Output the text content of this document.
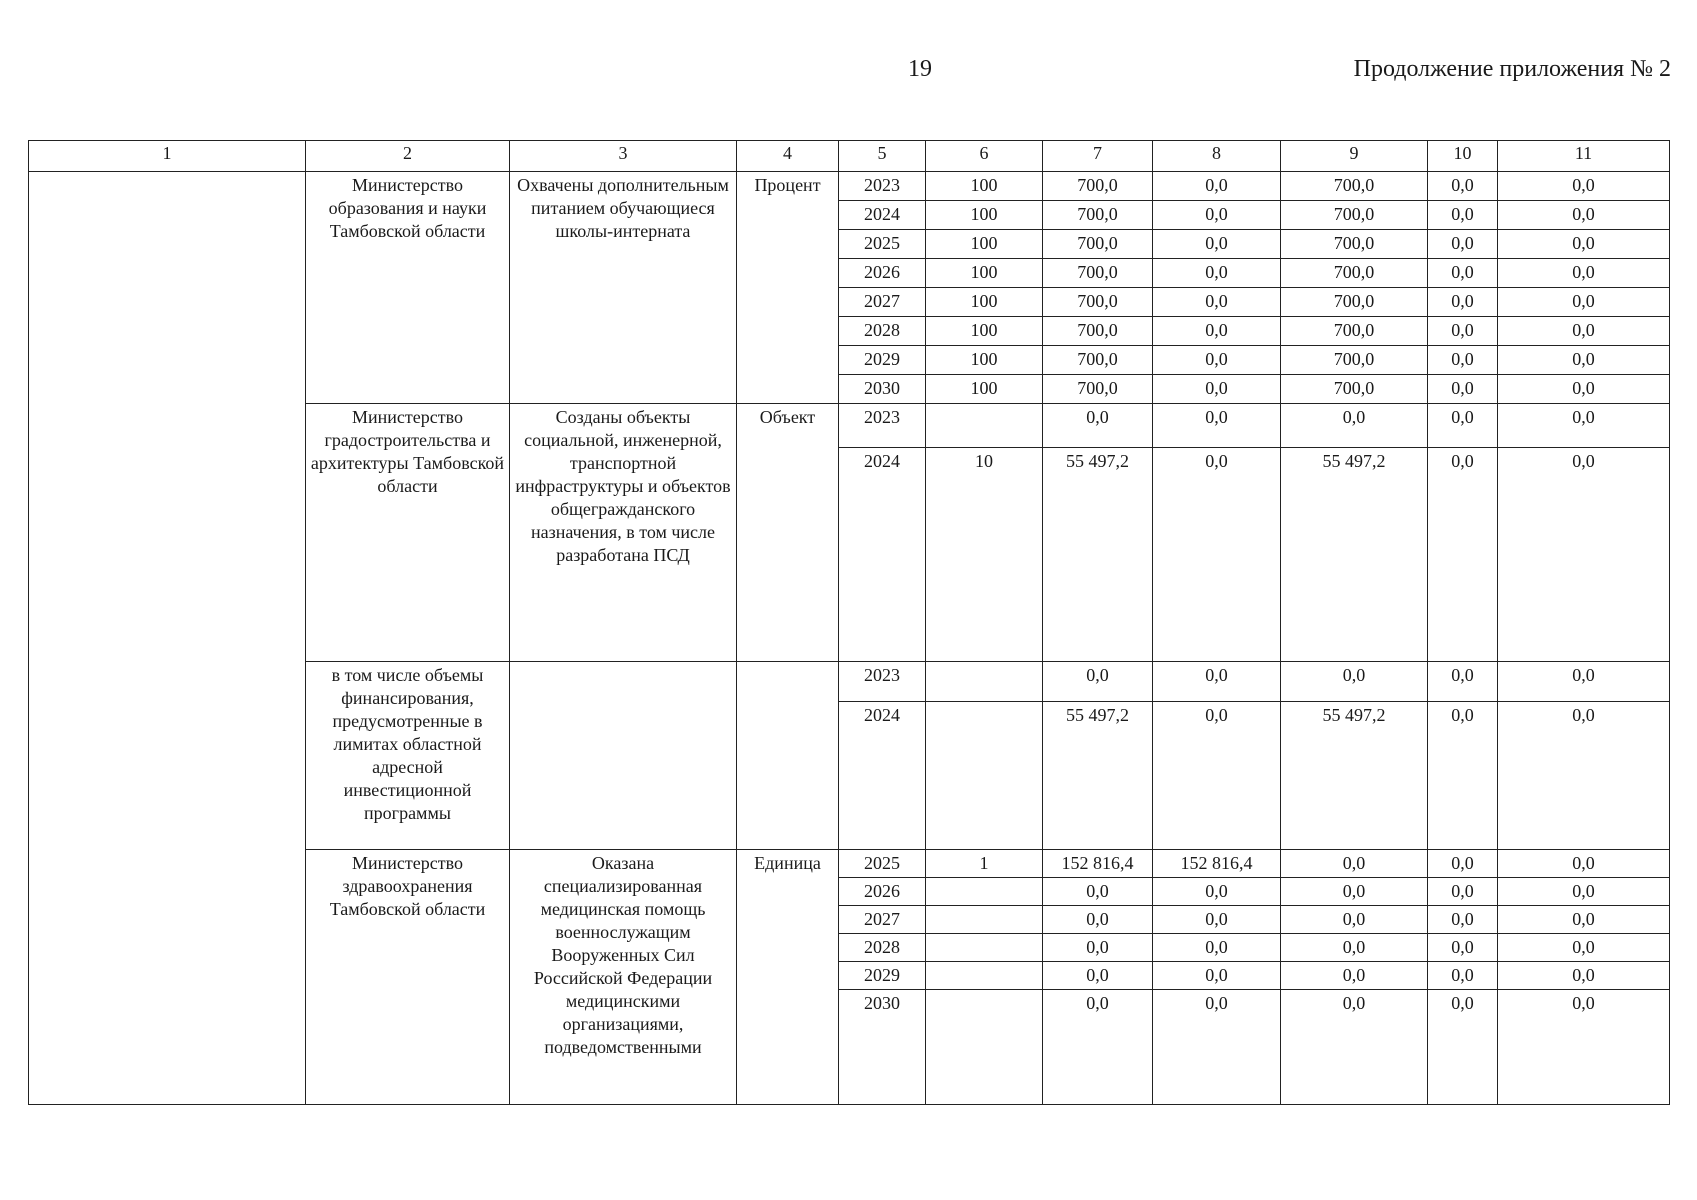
19	Продолжение приложения № 2
1	2	3	4	5	6	7	8	9	10	11
	Министерство образования и науки Тамбовской области	Охвачены дополнительным питанием обучающиеся школы-интерната	Процент	2023	100	700,0	0,0	700,0	0,0	0,0
				2024	100	700,0	0,0	700,0	0,0	0,0
				2025	100	700,0	0,0	700,0	0,0	0,0
				2026	100	700,0	0,0	700,0	0,0	0,0
				2027	100	700,0	0,0	700,0	0,0	0,0
				2028	100	700,0	0,0	700,0	0,0	0,0
				2029	100	700,0	0,0	700,0	0,0	0,0
				2030	100	700,0	0,0	700,0	0,0	0,0
	Министерство градостроительства и архитектуры Тамбовской области	Созданы объекты социальной, инженерной, транспортной инфраструктуры и объектов общегражданского назначения, в том числе разработана ПСД	Объект	2023		0,0	0,0	0,0	0,0	0,0
				2024	10	55 497,2	0,0	55 497,2	0,0	0,0
	в том числе объемы финансирования, предусмотренные в лимитах областной адресной инвестиционной программы			2023		0,0	0,0	0,0	0,0	0,0
				2024		55 497,2	0,0	55 497,2	0,0	0,0
	Министерство здравоохранения Тамбовской области	Оказана специализированная медицинская помощь военнослужащим Вооруженных Сил Российской Федерации медицинскими организациями, подведомственными	Единица	2025	1	152 816,4	152 816,4	0,0	0,0	0,0
				2026		0,0	0,0	0,0	0,0	0,0
				2027		0,0	0,0	0,0	0,0	0,0
				2028		0,0	0,0	0,0	0,0	0,0
				2029		0,0	0,0	0,0	0,0	0,0
				2030		0,0	0,0	0,0	0,0	0,0
